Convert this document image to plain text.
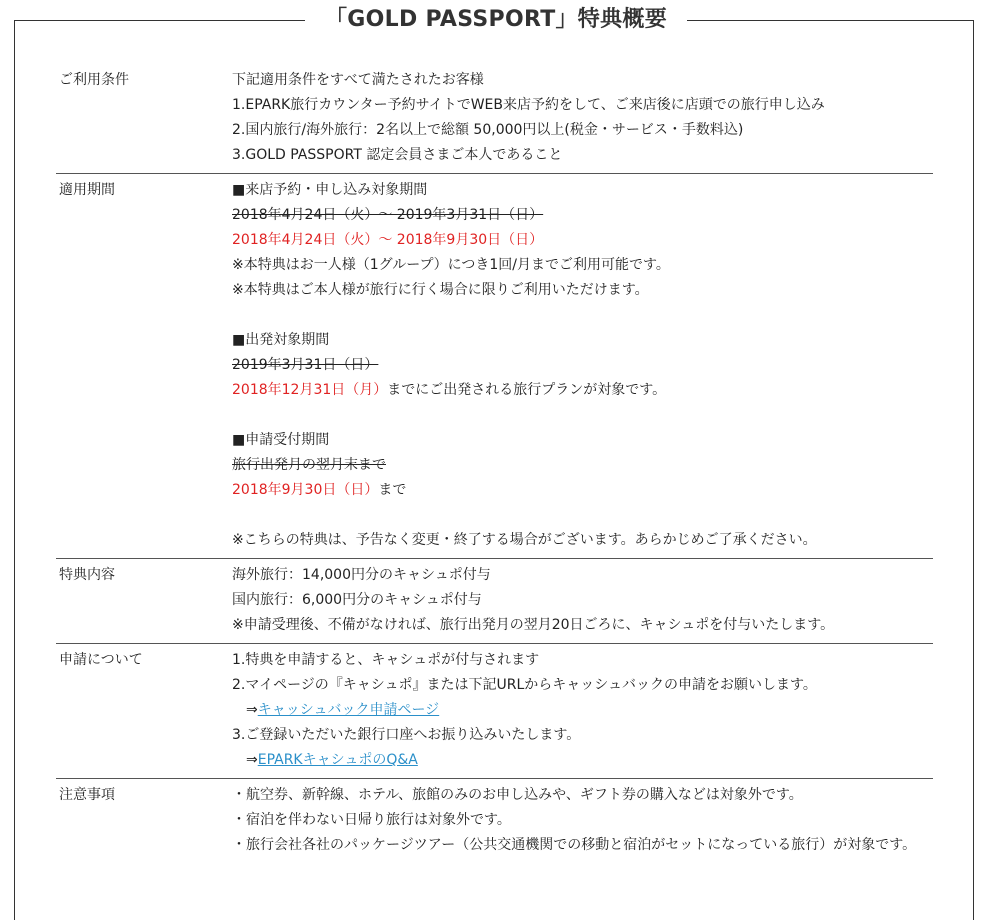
「GOLD PASSPORT」特典概要
ご利用条件	下記適用条件をすべて満たされたお客様
1.EPARK旅行カウンター予約サイトでWEB来店予約をして、ご来店後に店頭での旅行申し込み
2.国内旅行/海外旅行：2名以上で総額 50,000円以上(税金・サービス・手数料込)
3.GOLD PASSPORT 認定会員さまご本人であること
適用期間	■来店予約・申し込み対象期間
2018年4月24日（火）～ 2019年3月31日（日）
2018年4月24日（火）～ 2018年9月30日（日）
※本特典はお一人様（1グループ）につき1回/月までご利用可能です。
※本特典はご本人様が旅行に行く場合に限りご利用いただけます。
■出発対象期間
2019年3月31日（日）
2018年12月31日（月）までにご出発される旅行プランが対象です。
■申請受付期間
旅行出発月の翌月末まで
2018年9月30日（日）まで
※こちらの特典は、予告なく変更・終了する場合がございます。あらかじめご了承ください。
特典内容	海外旅行：14,000円分のキャシュポ付与
国内旅行：6,000円分のキャシュポ付与
※申請受理後、不備がなければ、旅行出発月の翌月20日ごろに、キャシュポを付与いたします。
申請について	1.特典を申請すると、キャシュポが付与されます
2.マイページの『キャシュポ』または下記URLからキャッシュバックの申請をお願いします。
⇒キャッシュバック申請ページ
3.ご登録いただいた銀行口座へお振り込みいたします。
⇒EPARKキャシュポのQ&A
注意事項	・航空券、新幹線、ホテル、旅館のみのお申し込みや、ギフト券の購入などは対象外です。
・宿泊を伴わない日帰り旅行は対象外です。
・旅行会社各社のパッケージツアー（公共交通機関での移動と宿泊がセットになっている旅行）が対象です。
